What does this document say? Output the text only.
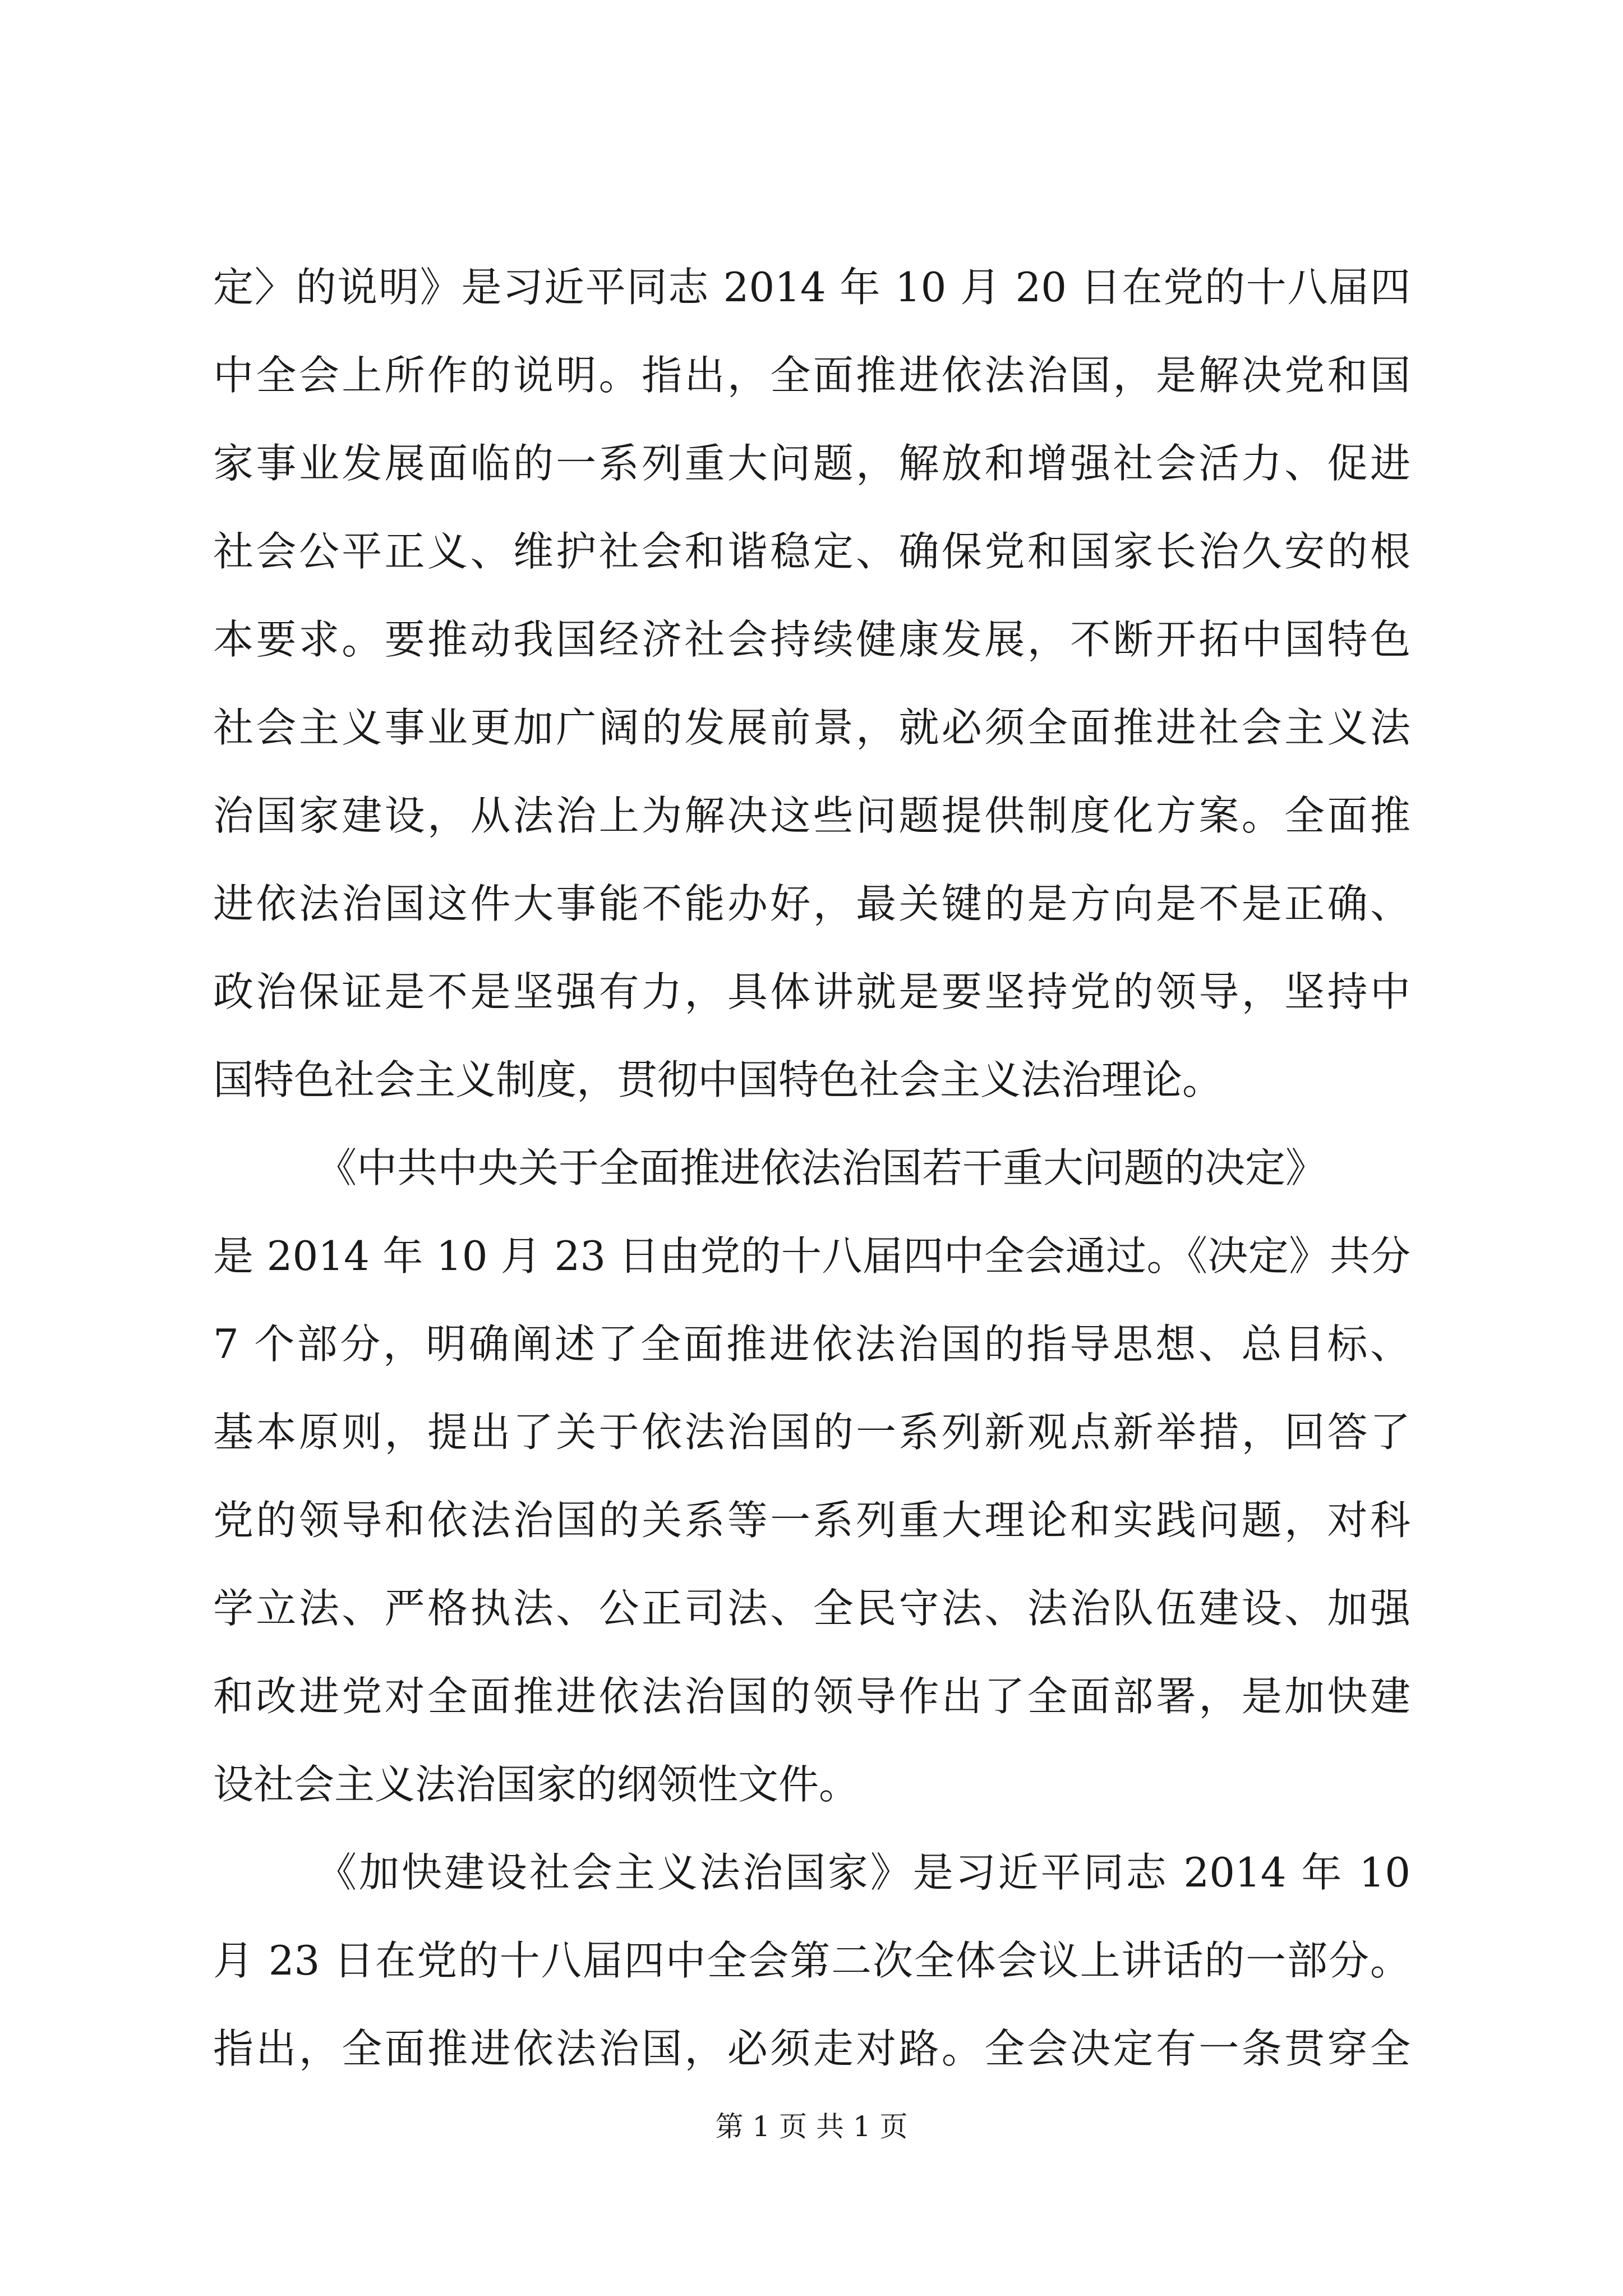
定〉的说明》是习近平同志 2014 年 10 月 20 日在党的十八届四

中全会上所作的说明。指出，全面推进依法治国，是解决党和国

家事业发展面临的一系列重大问题，解放和增强社会活力、促进

社会公平正义、维护社会和谐稳定、确保党和国家长治久安的根

本要求。要推动我国经济社会持续健康发展，不断开拓中国特色

社会主义事业更加广阔的发展前景，就必须全面推进社会主义法

治国家建设，从法治上为解决这些问题提供制度化方案。全面推

进依法治国这件大事能不能办好，最关键的是方向是不是正确、

政治保证是不是坚强有力，具体讲就是要坚持党的领导，坚持中

国特色社会主义制度，贯彻中国特色社会主义法治理论。

《中共中央关于全面推进依法治国若干重大问题的决定》

是 2014 年 10 月 23 日由党的十八届四中全会通过。《决定》共分

7 个部分，明确阐述了全面推进依法治国的指导思想、总目标、

基本原则，提出了关于依法治国的一系列新观点新举措，回答了

党的领导和依法治国的关系等一系列重大理论和实践问题，对科

学立法、严格执法、公正司法、全民守法、法治队伍建设、加强

和改进党对全面推进依法治国的领导作出了全面部署，是加快建

设社会主义法治国家的纲领性文件。

《加快建设社会主义法治国家》是习近平同志 2014 年 10

月 23 日在党的十八届四中全会第二次全体会议上讲话的一部分。

指出，全面推进依法治国，必须走对路。全会决定有一条贯穿全

第 1 页 共 1 页
